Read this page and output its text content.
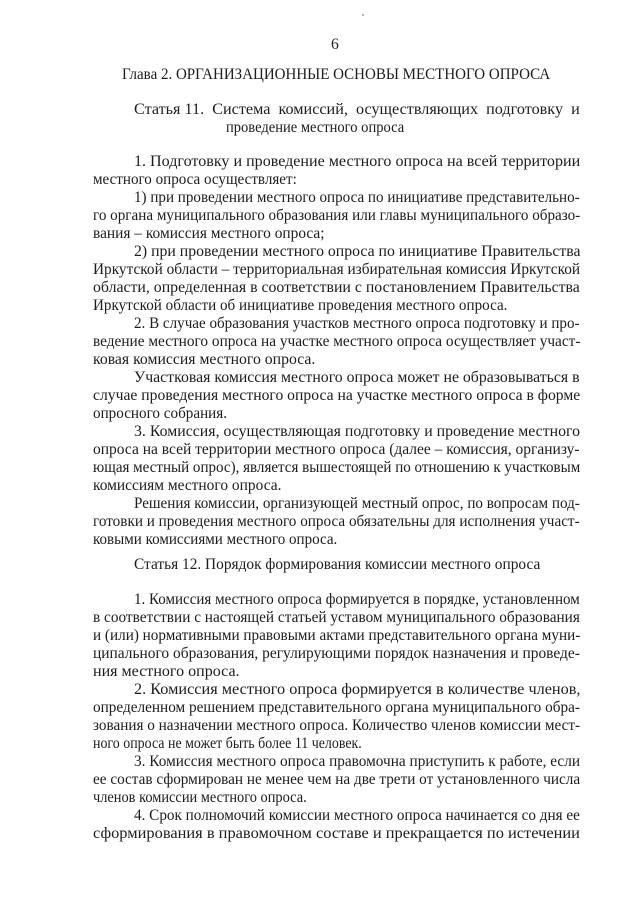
6
Глава 2. ОРГАНИЗАЦИОННЫЕ ОСНОВЫ МЕСТНОГО ОПРОСА
Статья 11.  Система  комиссий,  осуществляющих  подготовку  и
проведение местного опроса
1. Подготовку и проведение местного опроса на всей территории
местного опроса осуществляет:
1) при проведении местного опроса по инициативе представительно-
го органа муниципального образования или главы муниципального образо-
вания – комиссия местного опроса;
2) при проведении местного опроса по инициативе Правительства
Иркутской области – территориальная избирательная комиссия Иркутской
области, определенная в соответствии с постановлением Правительства
Иркутской области об инициативе проведения местного опроса.
2. В случае образования участков местного опроса подготовку и про-
ведение местного опроса на участке местного опроса осуществляет участ-
ковая комиссия местного опроса.
Участковая комиссия местного опроса может не образовываться в
случае проведения местного опроса на участке местного опроса в форме
опросного собрания.
3. Комиссия, осуществляющая подготовку и проведение местного
опроса на всей территории местного опроса (далее – комиссия, организу-
ющая местный опрос), является вышестоящей по отношению к участковым
комиссиям местного опроса.
Решения комиссии, организующей местный опрос, по вопросам под-
готовки и проведения местного опроса обязательны для исполнения участ-
ковыми комиссиями местного опроса.
Статья 12. Порядок формирования комиссии местного опроса
1. Комиссия местного опроса формируется в порядке, установленном
в соответствии с настоящей статьей уставом муниципального образования
и (или) нормативными правовыми актами представительного органа муни-
ципального образования, регулирующими порядок назначения и проведе-
ния местного опроса.
2. Комиссия местного опроса формируется в количестве членов,
определенном решением представительного органа муниципального обра-
зования о назначении местного опроса. Количество членов комиссии мест-
ного опроса не может быть более 11 человек.
3. Комиссия местного опроса правомочна приступить к работе, если
ее состав сформирован не менее чем на две трети от установленного числа
членов комиссии местного опроса.
4. Срок полномочий комиссии местного опроса начинается со дня ее
сформирования в правомочном составе и прекращается по истечении
